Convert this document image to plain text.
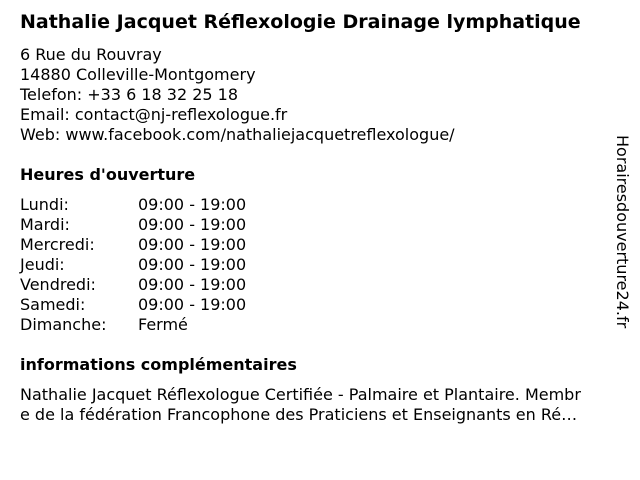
Nathalie Jacquet Réflexologie Drainage lymphatique
6 Rue du Rouvray
14880 Colleville-Montgomery
Telefon: +33 6 18 32 25 18
Email: contact@nj-reflexologue.fr
Web: www.facebook.com/nathaliejacquetreflexologue/
Heures d'ouverture
Lundi:	09:00 - 19:00
Mardi:	09:00 - 19:00
Mercredi:	09:00 - 19:00
Jeudi:	09:00 - 19:00
Vendredi:	09:00 - 19:00
Samedi:	09:00 - 19:00
Dimanche: Fermé
informations complémentaires
Nathalie Jacquet Réflexologue Certifiée - Palmaire et Plantaire. Membr
e de la fédération Francophone des Praticiens et Enseignants en Ré…
Horairesdouverture24.fr
